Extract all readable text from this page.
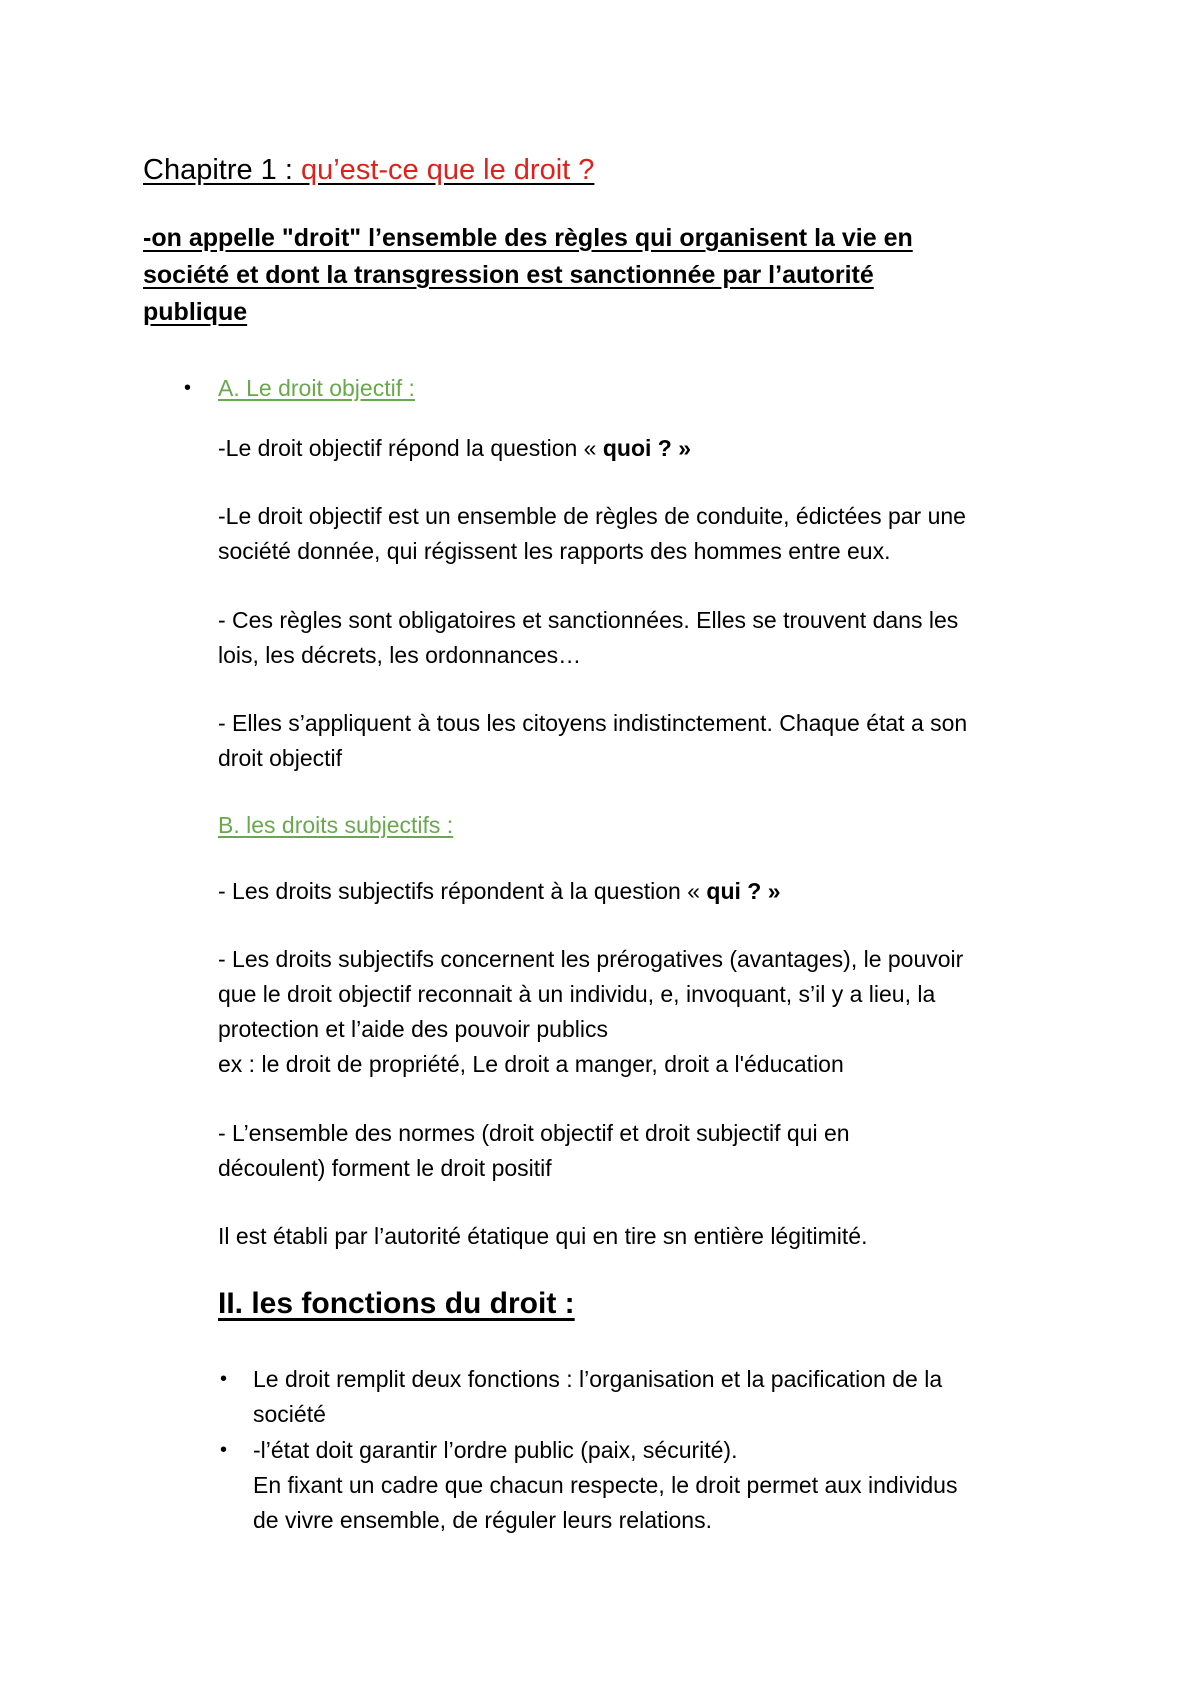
Chapitre 1 : qu’est-ce que le droit ?
-on appelle "droit" l’ensemble des règles qui organisent la vie en
société et dont la transgression est sanctionnée par l’autorité
publique
• A. Le droit objectif :
-Le droit objectif répond la question « quoi ? »
-Le droit objectif est un ensemble de règles de conduite, édictées par une
société donnée, qui régissent les rapports des hommes entre eux.
- Ces règles sont obligatoires et sanctionnées. Elles se trouvent dans les
lois, les décrets, les ordonnances…
- Elles s’appliquent à tous les citoyens indistinctement. Chaque état a son
droit objectif
B. les droits subjectifs :
- Les droits subjectifs répondent à la question « qui ? »
- Les droits subjectifs concernent les prérogatives (avantages), le pouvoir
que le droit objectif reconnait à un individu, e, invoquant, s’il y a lieu, la
protection et l’aide des pouvoir publics
ex : le droit de propriété, Le droit a manger, droit a l'éducation
- L’ensemble des normes (droit objectif et droit subjectif qui en
découlent) forment le droit positif
Il est établi par l’autorité étatique qui en tire sn entière légitimité.
II. les fonctions du droit :
• Le droit remplit deux fonctions : l’organisation et la pacification de la
société
• -l’état doit garantir l’ordre public (paix, sécurité).
En fixant un cadre que chacun respecte, le droit permet aux individus
de vivre ensemble, de réguler leurs relations.
